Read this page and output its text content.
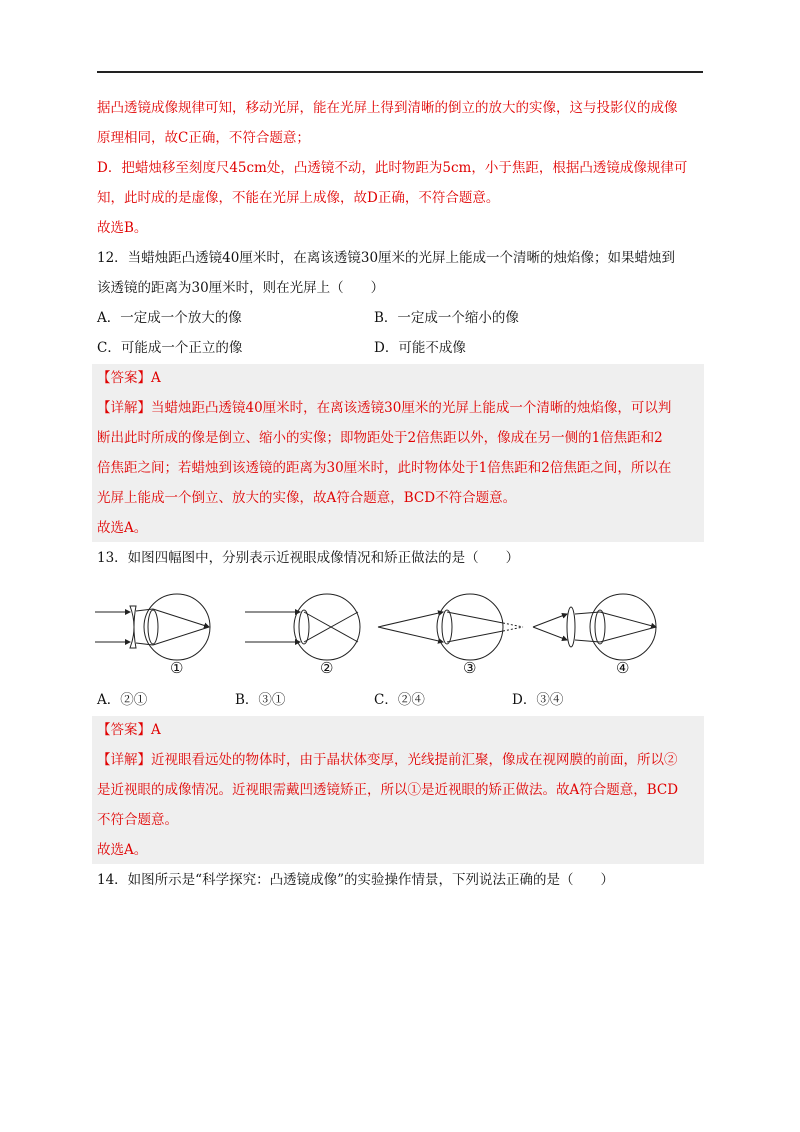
据凸透镜成像规律可知，移动光屏，能在光屏上得到清晰的倒立的放大的实像，这与投影仪的成像
原理相同，故C正确，不符合题意；
D．把蜡烛移至刻度尺45cm处，凸透镜不动，此时物距为5cm，小于焦距，根据凸透镜成像规律可
知，此时成的是虚像，不能在光屏上成像，故D正确，不符合题意。
故选B。
12．当蜡烛距凸透镜40厘米时，在离该透镜30厘米的光屏上能成一个清晰的烛焰像；如果蜡烛到
该透镜的距离为30厘米时，则在光屏上（　　）
A．一定成一个放大的像	B．一定成一个缩小的像
C．可能成一个正立的像	D．可能不成像
【答案】A
【详解】当蜡烛距凸透镜40厘米时，在离该透镜30厘米的光屏上能成一个清晰的烛焰像，可以判
断出此时所成的像是倒立、缩小的实像；即物距处于2倍焦距以外，像成在另一侧的1倍焦距和2
倍焦距之间；若蜡烛到该透镜的距离为30厘米时，此时物体处于1倍焦距和2倍焦距之间，所以在
光屏上能成一个倒立、放大的实像，故A符合题意，BCD不符合题意。
故选A。
13．如图四幅图中，分别表示近视眼成像情况和矫正做法的是（　　）
①	②	③	④
A．②①	B．③①	C．②④	D．③④
【答案】A
【详解】近视眼看远处的物体时，由于晶状体变厚，光线提前汇聚，像成在视网膜的前面，所以②
是近视眼的成像情况。近视眼需戴凹透镜矫正，所以①是近视眼的矫正做法。故A符合题意，BCD
不符合题意。
故选A。
14．如图所示是“科学探究：凸透镜成像”的实验操作情景，下列说法正确的是（　　）
